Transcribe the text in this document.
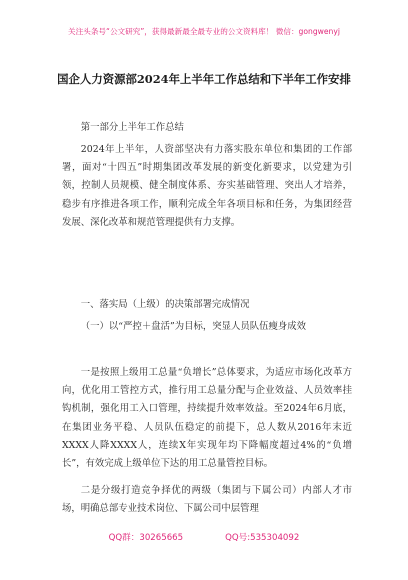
关注头条号“公文研究”，获得最新最全最专业的公文资料库！ 微信：gongwenyj
国企人力资源部2024年上半年工作总结和下半年工作安排

第一部分上半年工作总结

2024年上半年，人资部坚决有力落实股东单位和集团的工作部署，面对“十四五”时期集团改革发展的新变化新要求，以党建为引领，控制人员规模、健全制度体系、夯实基础管理、突出人才培养，稳步有序推进各项工作，顺利完成全年各项目标和任务，为集团经营发展、深化改革和规范管理提供有力支撑。

一、落实局（上级）的决策部署完成情况

（一）以“严控＋盘活”为目标，突显人员队伍瘦身成效

一是按照上级用工总量“负增长”总体要求，为适应市场化改革方向，优化用工管控方式，推行用工总量分配与企业效益、人员效率挂钩机制，强化用工入口管理，持续提升效率效益。至2024年6月底，在集团业务平稳、人员队伍稳定的前提下，总人数从2016年末近XXXX人降XXXX人，连续X年实现年均下降幅度超过4%的“负增长”，有效完成上级单位下达的用工总量管控目标。

二是分级打造竞争择优的两级（集团与下属公司）内部人才市场，明确总部专业技术岗位、下属公司中层管理

QQ群：30265665	QQ号:535304092
